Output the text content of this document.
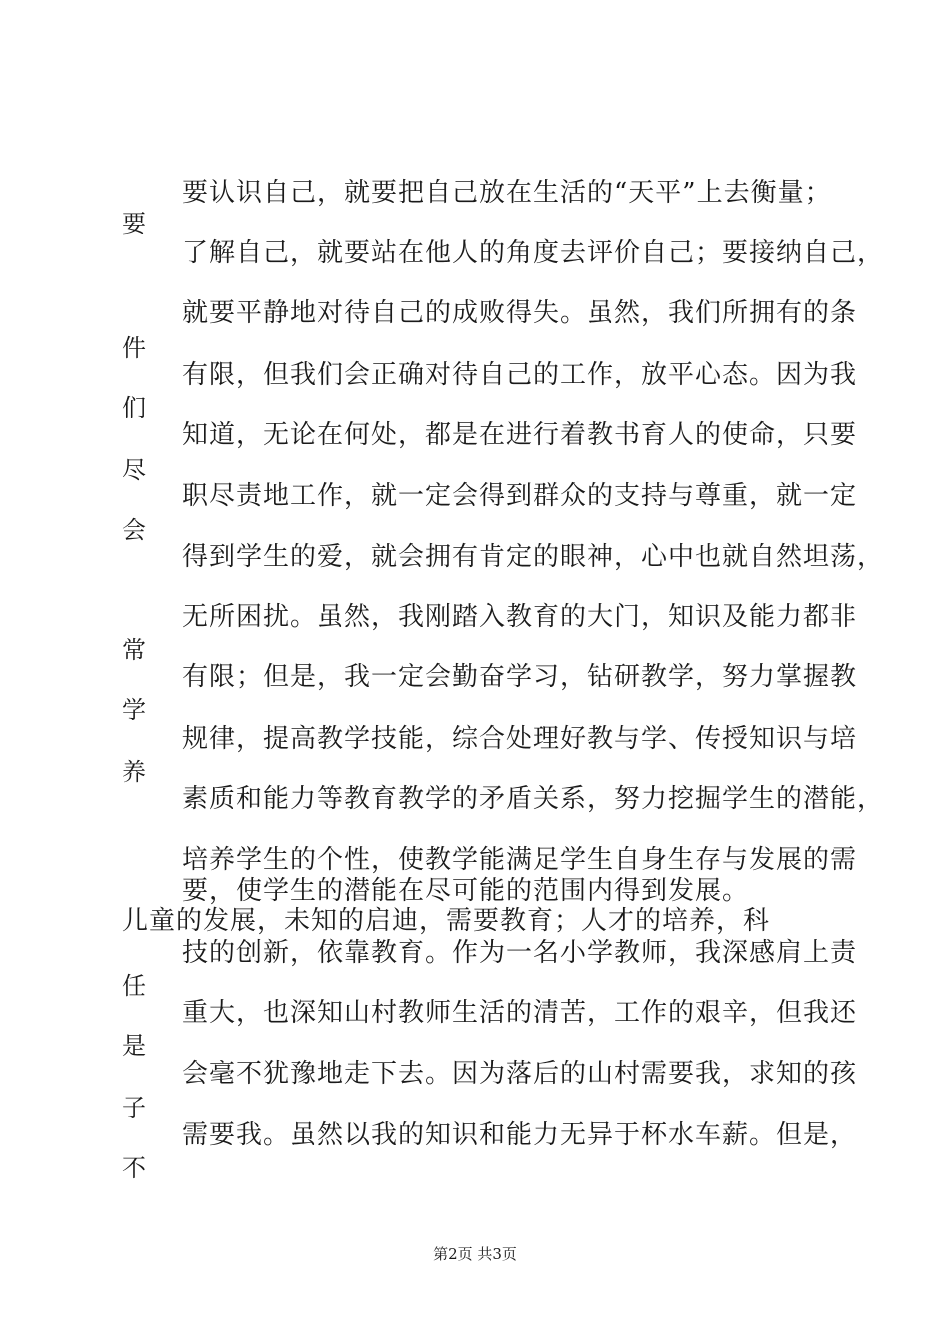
要认识自己，就要把自己放在生活的“天平”上去衡量；
了解自己，就要站在他人的角度去评价自己；要接纳自己，
就要平静地对待自己的成败得失。虽然，我们所拥有的条
有限，但我们会正确对待自己的工作，放平心态。因为我
知道，无论在何处，都是在进行着教书育人的使命，只要
职尽责地工作，就一定会得到群众的支持与尊重，就一定
得到学生的爱，就会拥有肯定的眼神，心中也就自然坦荡，
无所困扰。虽然，我刚踏入教育的大门，知识及能力都非
有限；但是，我一定会勤奋学习，钻研教学，努力掌握教
规律，提高教学技能，综合处理好教与学、传授知识与培
素质和能力等教育教学的矛盾关系，努力挖掘学生的潜能，
培养学生的个性，使教学能满足学生自身生存与发展的需
要，使学生的潜能在尽可能的范围内得到发展。
儿童的发展，未知的启迪，需要教育；人才的培养，科
技的创新，依靠教育。作为一名小学教师，我深感肩上责
重大，也深知山村教师生活的清苦，工作的艰辛，但我还
会毫不犹豫地走下去。因为落后的山村需要我，求知的孩
需要我。虽然以我的知识和能力无异于杯水车薪。但是，
要
件
们
尽
会
常
学
养
任
是
子
不
第2页 共3页
